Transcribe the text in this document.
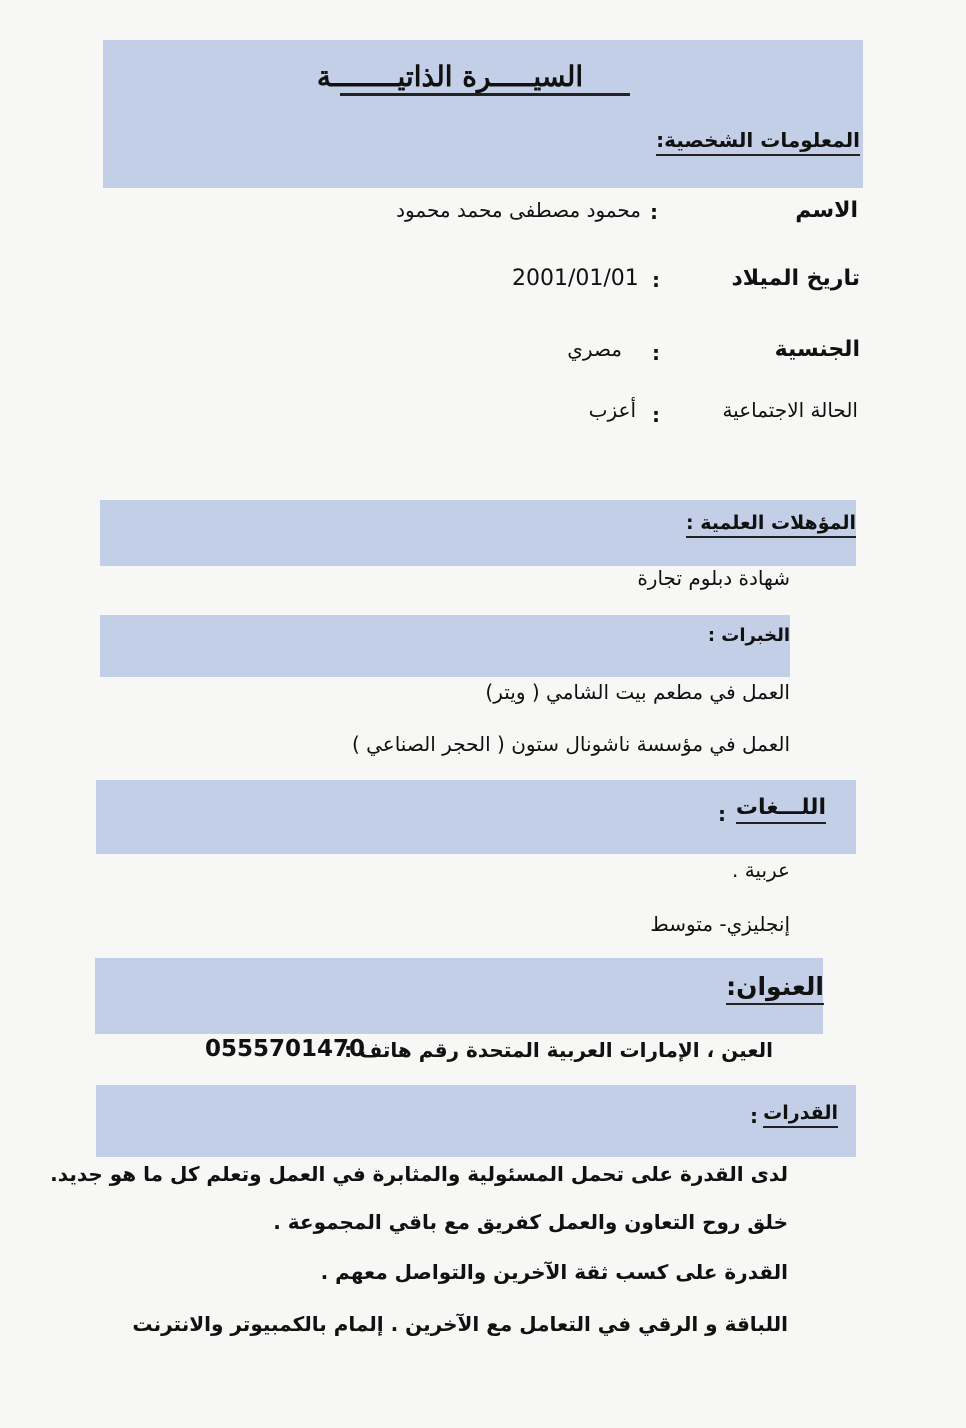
السيـــــرة الذاتيــــــــة
المعلومات الشخصية:
الاسم
:
محمود مصطفى محمد محمود
تاريخ الميلاد
:
2001/01/01
الجنسية
:
مصري
الحالة الاجتماعية
:
أعزب
المؤهلات العلمية :
شهادة دبلوم تجارة
الخبرات :
العمل في مطعم بيت الشامي ( ويتر)
العمل في مؤسسة ناشونال ستون ( الحجر الصناعي )
اللـــغات
:
عربية .
إنجليزي- متوسط
العنوان:
العين ، الإمارات العربية المتحدة رقم هاتف :
0555701470
القدرات
:
لدى القدرة على تحمل المسئولية والمثابرة في العمل وتعلم كل ما هو جديد.
خلق روح التعاون والعمل كفريق مع باقي المجموعة .
القدرة على كسب ثقة الآخرين والتواصل معهم .
اللباقة و الرقي في التعامل مع الآخرين . إلمام بالكمبيوتر والانترنت
